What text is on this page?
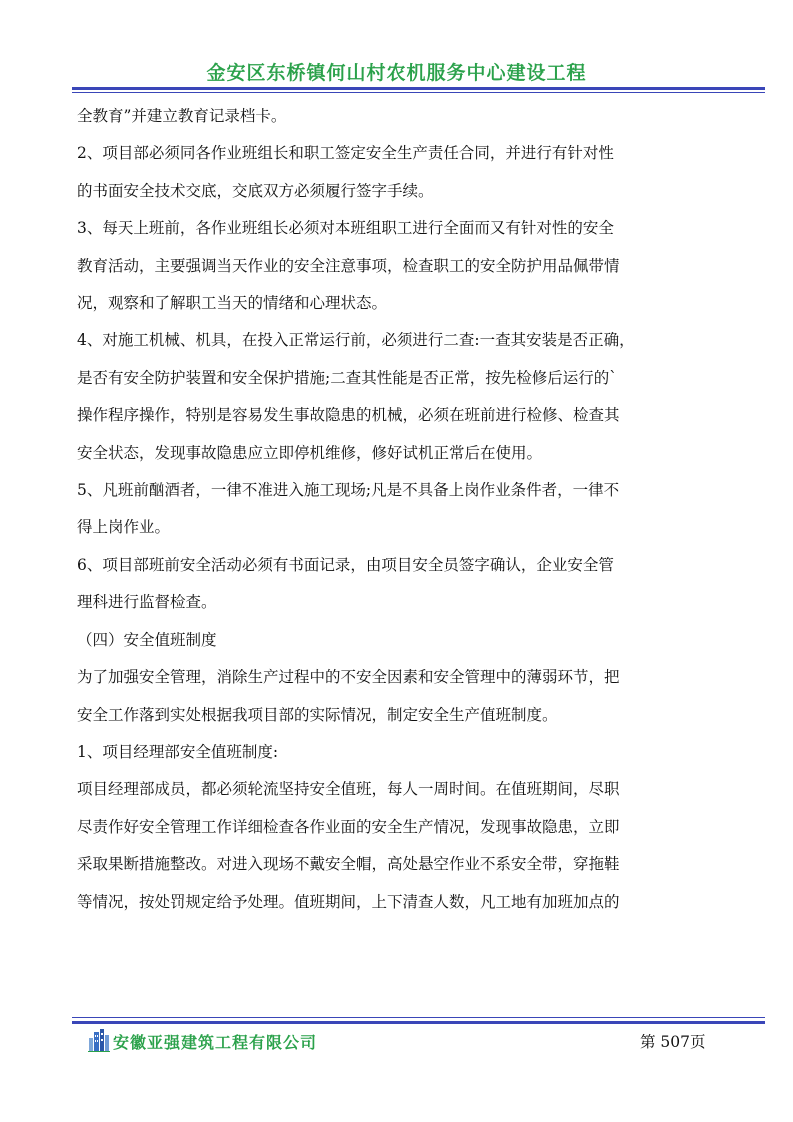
金安区东桥镇何山村农机服务中心建设工程

全教育”并建立教育记录档卡。

2、项目部必须同各作业班组长和职工签定安全生产责任合同，并进行有针对性

的书面安全技术交底，交底双方必须履行签字手续。

3、每天上班前，各作业班组长必须对本班组职工进行全面而又有针对性的安全

教育活动，主要强调当天作业的安全注意事项，检查职工的安全防护用品佩带情

况，观察和了解职工当天的情绪和心理状态。

4、对施工机械、机具，在投入正常运行前，必须进行二查:一查其安装是否正确，

是否有安全防护装置和安全保护措施;二查其性能是否正常，按先检修后运行的`

操作程序操作，特别是容易发生事故隐患的机械，必须在班前进行检修、检查其

安全状态，发现事故隐患应立即停机维修，修好试机正常后在使用。

5、凡班前酗酒者，一律不准进入施工现场;凡是不具备上岗作业条件者，一律不

得上岗作业。

6、项目部班前安全活动必须有书面记录，由项目安全员签字确认，企业安全管

理科进行监督检查。

（四）安全值班制度

为了加强安全管理，消除生产过程中的不安全因素和安全管理中的薄弱环节，把

安全工作落到实处根据我项目部的实际情况，制定安全生产值班制度。

1、项目经理部安全值班制度:

项目经理部成员，都必须轮流坚持安全值班，每人一周时间。在值班期间，尽职

尽责作好安全管理工作详细检查各作业面的安全生产情况，发现事故隐患，立即

采取果断措施整改。对进入现场不戴安全帽，高处悬空作业不系安全带，穿拖鞋

等情况，按处罚规定给予处理。值班期间，上下清查人数，凡工地有加班加点的

安徽亚强建筑工程有限公司	第 507页
